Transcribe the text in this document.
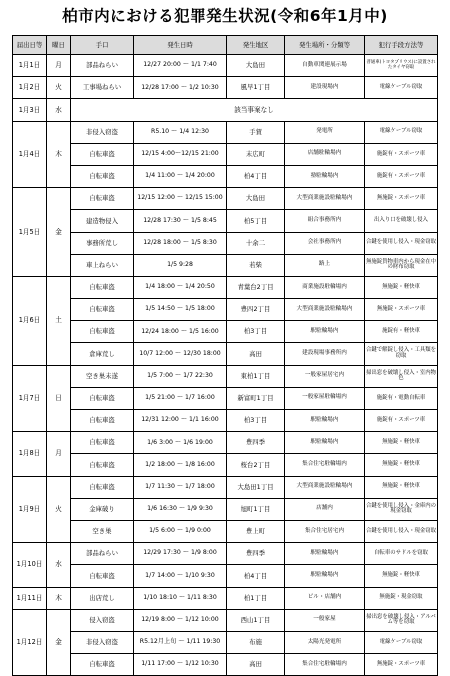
柏市内における犯罪発生状況(令和6年1月中)
届出日等	曜日	手口	発生日時	発生地区	発生場所・分類等	犯行手段方法等
1月1日	月	部品ねらい	12/27 20:00 ～ 1/1 7:40	大島田	自動車関連展示場	普通車(トヨタプリウス)に設置されたタイヤ窃取
1月2日	火	工事場ねらい	12/28 17:00 ～ 1/2 10:30	風早1丁目	建設現場内	電線ケーブル窃取
1月3日	水	該当事案なし				
1月4日	木	非侵入窃盗	R5.10 ～ 1/4 12:30	手賀	発電所	電線ケーブル窃取
		自転車盗	12/15 4:00～12/15 21:00	末広町	店舗駐輪場内	施錠有・スポーツ車
		自転車盗	1/4 11:00 ～ 1/4 20:00	柏4丁目	塾駐輪場内	施錠有・スポーツ車
1月5日	金	自転車盗	12/15 12:00 ～ 12/15 15:00	大島田	大型商業施設駐輪場内	無施錠・スポーツ車
		建造物侵入	12/28 17:30 ～ 1/5 8:45	柏5丁目	組合事務所内	出入り口を破壊し侵入
		事務所荒し	12/28 18:00 ～ 1/5 8:30	十余二	会社事務所内	合鍵を使用し侵入・現金窃取
		車上ねらい	1/5 9:28	若柴	路上	無施錠貨物車内から現金在中の財布窃取
1月6日	土	自転車盗	1/4 18:00 ～ 1/4 20:50	青葉台2丁目	商業施設駐輪場内	無施錠・軽快車
		自転車盗	1/5 14:50 ～ 1/5 18:00	豊四2丁目	大型商業施設駐輪場内	無施錠・スポーツ車
		自転車盗	12/24 18:00 ～ 1/5 16:00	柏3丁目	駅駐輪場内	施錠有・軽快車
		倉庫荒し	10/7 12:00 ～ 12/30 18:00	高田	建設現場事務所内	合鍵で解錠し侵入・工具類を窃取
1月7日	日	空き巣未遂	1/5 7:00 ～ 1/7 22:30	東柏1丁目	一般家屋居宅内	掃出窓を破壊し侵入・室内物色
		自転車盗	1/5 21:00 ～ 1/7 16:00	新富町1丁目	一般家屋駐輪場内	施錠有・電動自転車
		自転車盗	12/31 12:00 ～ 1/1 16:00	柏3丁目	駅駐輪場内	施錠有・スポーツ車
1月8日	月	自転車盗	1/6 3:00 ～ 1/6 19:00	豊四季	駅駐輪場内	無施錠・軽快車
		自転車盗	1/2 18:00 ～ 1/8 16:00	桜台2丁目	集合住宅駐輪場内	無施錠・軽快車
1月9日	火	自転車盗	1/7 11:30 ～ 1/7 18:00	大島田1丁目	大型商業施設駐輪場内	無施錠・軽快車
		金庫破り	1/6 16:30 ～ 1/9 9:30	旭町1丁目	店舗内	合鍵を使用し侵入・金庫内の現金窃取
		空き巣	1/5 6:00 ～ 1/9 0:00	豊上町	集合住宅居宅内	合鍵を使用し侵入・現金窃取
1月10日	水	部品ねらい	12/29 17:30 ～ 1/9 8:00	豊四季	駅駐輪場内	自転車のサドルを窃取
		自転車盗	1/7 14:00 ～ 1/10 9:30	柏4丁目	駅駐輪場内	無施錠・軽快車
1月11日	木	出店荒し	1/10 18:10 ～ 1/11 8:30	柏1丁目	ビル・店舗内	無施錠・現金窃取
1月12日	金	侵入窃盗	12/19 8:00 ～ 1/12 10:00	西山1丁目	一般家屋	掃出窓を破壊し侵入・アルバム等を窃取
		非侵入窃盗	R5.12月上旬 ～ 1/11 19:30	布施	太陽光発電所	電線ケーブル窃取
		自転車盗	1/11 17:00 ～ 1/12 10:30	高田	集合住宅駐輪場内	無施錠・スポーツ車
